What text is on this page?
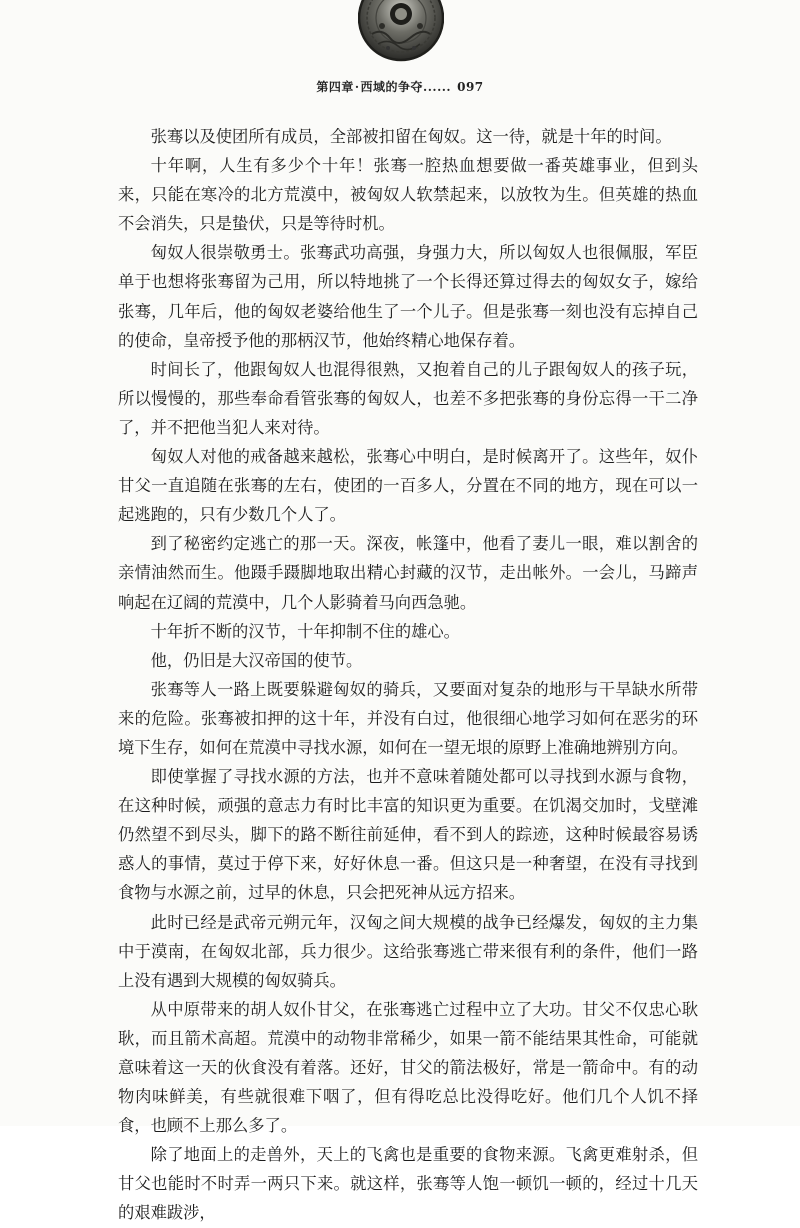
第四章·西域的争夺...... 097

张骞以及使团所有成员，全部被扣留在匈奴。这一待，就是十年的时间。

十年啊，人生有多少个十年！张骞一腔热血想要做一番英雄事业，但到头来，只能在寒冷的北方荒漠中，被匈奴人软禁起来，以放牧为生。但英雄的热血不会消失，只是蛰伏，只是等待时机。

匈奴人很崇敬勇士。张骞武功高强，身强力大，所以匈奴人也很佩服，军臣单于也想将张骞留为己用，所以特地挑了一个长得还算过得去的匈奴女子，嫁给张骞，几年后，他的匈奴老婆给他生了一个儿子。但是张骞一刻也没有忘掉自己的使命，皇帝授予他的那柄汉节，他始终精心地保存着。

时间长了，他跟匈奴人也混得很熟，又抱着自己的儿子跟匈奴人的孩子玩，所以慢慢的，那些奉命看管张骞的匈奴人，也差不多把张骞的身份忘得一干二净了，并不把他当犯人来对待。

匈奴人对他的戒备越来越松，张骞心中明白，是时候离开了。这些年，奴仆甘父一直追随在张骞的左右，使团的一百多人，分置在不同的地方，现在可以一起逃跑的，只有少数几个人了。

到了秘密约定逃亡的那一天。深夜，帐篷中，他看了妻儿一眼，难以割舍的亲情油然而生。他蹑手蹑脚地取出精心封藏的汉节，走出帐外。一会儿，马蹄声响起在辽阔的荒漠中，几个人影骑着马向西急驰。

十年折不断的汉节，十年抑制不住的雄心。

他，仍旧是大汉帝国的使节。

张骞等人一路上既要躲避匈奴的骑兵，又要面对复杂的地形与干旱缺水所带来的危险。张骞被扣押的这十年，并没有白过，他很细心地学习如何在恶劣的环境下生存，如何在荒漠中寻找水源，如何在一望无垠的原野上准确地辨别方向。

即使掌握了寻找水源的方法，也并不意味着随处都可以寻找到水源与食物，在这种时候，顽强的意志力有时比丰富的知识更为重要。在饥渴交加时，戈壁滩仍然望不到尽头，脚下的路不断往前延伸，看不到人的踪迹，这种时候最容易诱惑人的事情，莫过于停下来，好好休息一番。但这只是一种奢望，在没有寻找到食物与水源之前，过早的休息，只会把死神从远方招来。

此时已经是武帝元朔元年，汉匈之间大规模的战争已经爆发，匈奴的主力集中于漠南，在匈奴北部，兵力很少。这给张骞逃亡带来很有利的条件，他们一路上没有遇到大规模的匈奴骑兵。

从中原带来的胡人奴仆甘父，在张骞逃亡过程中立了大功。甘父不仅忠心耿耿，而且箭术高超。荒漠中的动物非常稀少，如果一箭不能结果其性命，可能就意味着这一天的伙食没有着落。还好，甘父的箭法极好，常是一箭命中。有的动物肉味鲜美，有些就很难下咽了，但有得吃总比没得吃好。他们几个人饥不择食，也顾不上那么多了。

除了地面上的走兽外，天上的飞禽也是重要的食物来源。飞禽更难射杀，但甘父也能时不时弄一两只下来。就这样，张骞等人饱一顿饥一顿的，经过十几天的艰难跋涉，
